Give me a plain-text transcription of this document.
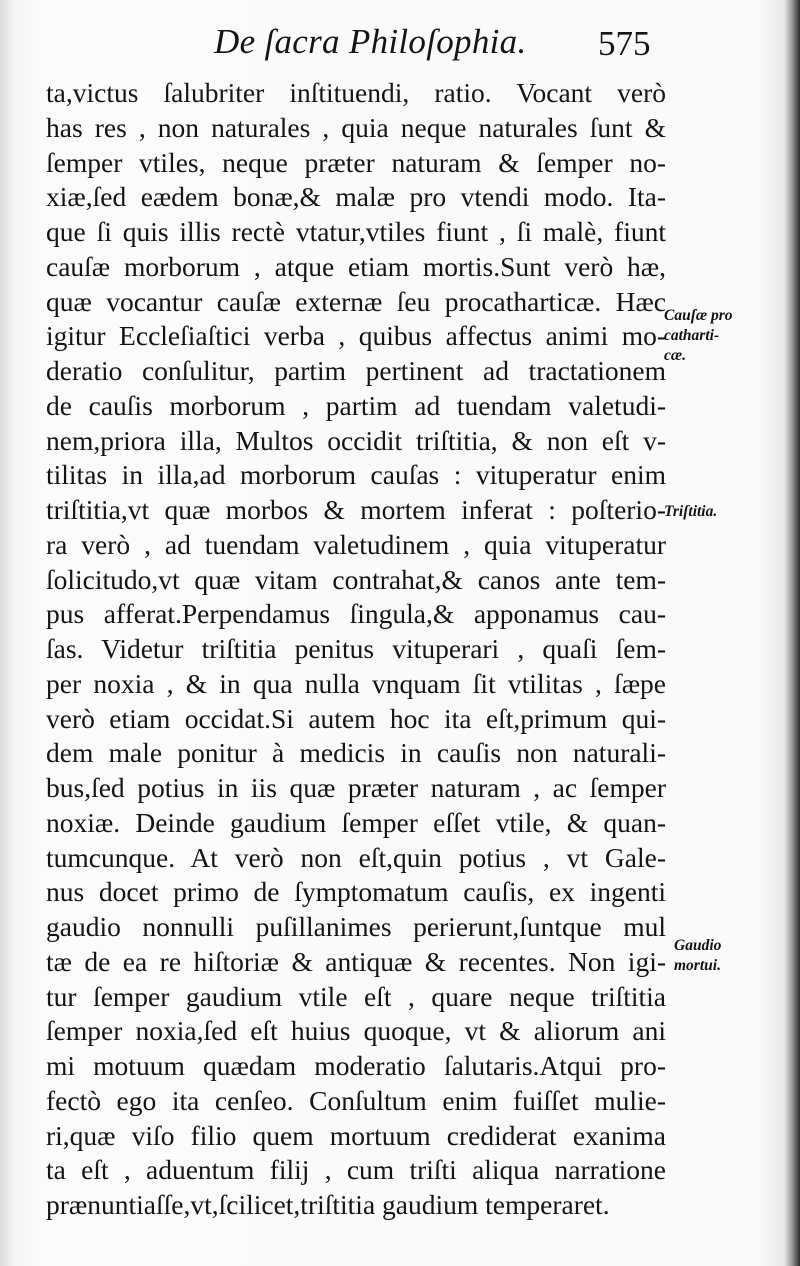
De ſacra Philoſophia. 575
ta,victus ſalubriter inſtituendi, ratio. Vocant verò
has res , non naturales , quia neque naturales ſunt &
ſemper vtiles, neque præter naturam & ſemper no-
xiæ,ſed eædem bonæ,& malæ pro vtendi modo. Ita-
que ſi quis illis rectè vtatur,vtiles fiunt , ſi malè, fiunt
cauſæ morborum , atque etiam mortis.Sunt verò hæ,
quæ vocantur cauſæ externæ ſeu procatharticæ. Hæc
igitur Eccleſiaſtici verba , quibus affectus animi mo-
deratio conſulitur, partim pertinent ad tractationem
de cauſis morborum , partim ad tuendam valetudi-
nem,priora illa, Multos occidit triſtitia, & non eſt v-
tilitas in illa,ad morborum cauſas : vituperatur enim
triſtitia,vt quæ morbos & mortem inferat : poſterio-
ra verò , ad tuendam valetudinem , quia vituperatur
ſolicitudo,vt quæ vitam contrahat,& canos ante tem-
pus afferat.Perpendamus ſingula,& apponamus cau-
ſas. Videtur triſtitia penitus vituperari , quaſi ſem-
per noxia , & in qua nulla vnquam ſit vtilitas , ſæpe
verò etiam occidat.Si autem hoc ita eſt,primum qui-
dem male ponitur à medicis in cauſis non naturali-
bus,ſed potius in iis quæ præter naturam , ac ſemper
noxiæ. Deinde gaudium ſemper eſſet vtile, & quan-
tumcunque. At verò non eſt,quin potius , vt Gale-
nus docet primo de ſymptomatum cauſis, ex ingenti
gaudio nonnulli puſillanimes perierunt,ſuntque mul
tæ de ea re hiſtoriæ & antiquæ & recentes. Non igi-
tur ſemper gaudium vtile eſt , quare neque triſtitia
ſemper noxia,ſed eſt huius quoque, vt & aliorum ani
mi motuum quædam moderatio ſalutaris.Atqui pro-
fectò ego ita cenſeo. Conſultum enim fuiſſet mulie-
ri,quæ viſo filio quem mortuum crediderat exanima
ta eſt , aduentum filij , cum triſti aliqua narratione
prænuntiaſſe,vt,ſcilicet,triſtitia gaudium temperaret.
Cauſæ pro
catharti-
cæ.
Triſtitia.
Gaudio
mortui.
